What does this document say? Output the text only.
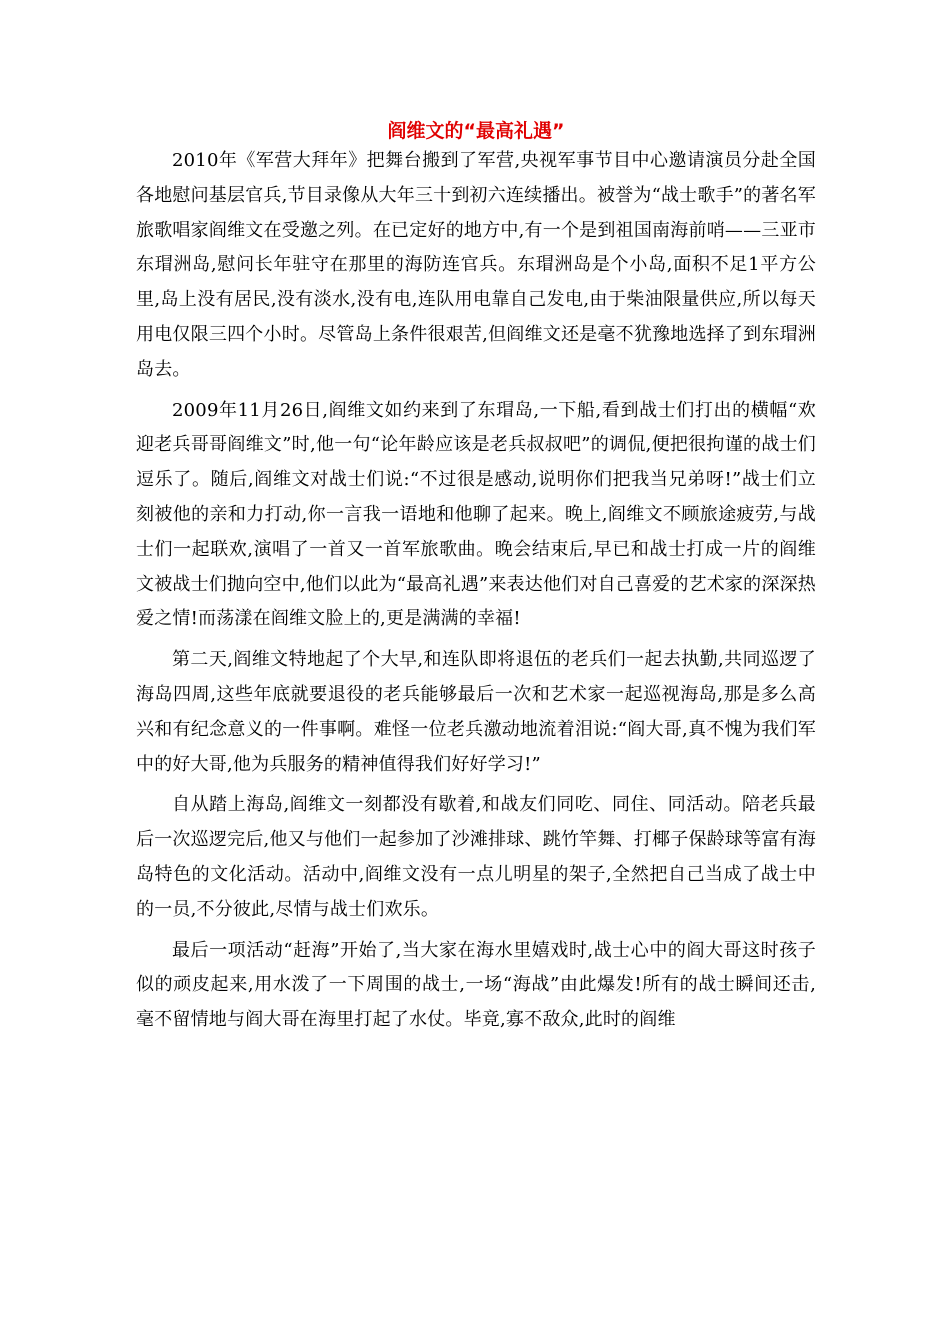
阎维文的“最高礼遇”

2010年《军营大拜年》把舞台搬到了军营,央视军事节目中心邀请演员分赴全国各地慰问基层官兵,节目录像从大年三十到初六连续播出。被誉为“战士歌手”的著名军旅歌唱家阎维文在受邀之列。在已定好的地方中,有一个是到祖国南海前哨——三亚市东瑁洲岛,慰问长年驻守在那里的海防连官兵。东瑁洲岛是个小岛,面积不足1平方公里,岛上没有居民,没有淡水,没有电,连队用电靠自己发电,由于柴油限量供应,所以每天用电仅限三四个小时。尽管岛上条件很艰苦,但阎维文还是毫不犹豫地选择了到东瑁洲岛去。

2009年11月26日,阎维文如约来到了东瑁岛,一下船,看到战士们打出的横幅“欢迎老兵哥哥阎维文”时,他一句“论年龄应该是老兵叔叔吧”的调侃,便把很拘谨的战士们逗乐了。随后,阎维文对战士们说:“不过很是感动,说明你们把我当兄弟呀!”战士们立刻被他的亲和力打动,你一言我一语地和他聊了起来。晚上,阎维文不顾旅途疲劳,与战士们一起联欢,演唱了一首又一首军旅歌曲。晚会结束后,早已和战士打成一片的阎维文被战士们抛向空中,他们以此为“最高礼遇”来表达他们对自己喜爱的艺术家的深深热爱之情!而荡漾在阎维文脸上的,更是满满的幸福!

第二天,阎维文特地起了个大早,和连队即将退伍的老兵们一起去执勤,共同巡逻了海岛四周,这些年底就要退役的老兵能够最后一次和艺术家一起巡视海岛,那是多么高兴和有纪念意义的一件事啊。难怪一位老兵激动地流着泪说:“阎大哥,真不愧为我们军中的好大哥,他为兵服务的精神值得我们好好学习!”

自从踏上海岛,阎维文一刻都没有歇着,和战友们同吃、同住、同活动。陪老兵最后一次巡逻完后,他又与他们一起参加了沙滩排球、跳竹竿舞、打椰子保龄球等富有海岛特色的文化活动。活动中,阎维文没有一点儿明星的架子,全然把自己当成了战士中的一员,不分彼此,尽情与战士们欢乐。

最后一项活动“赶海”开始了,当大家在海水里嬉戏时,战士心中的阎大哥这时孩子似的顽皮起来,用水泼了一下周围的战士,一场“海战”由此爆发!所有的战士瞬间还击,毫不留情地与阎大哥在海里打起了水仗。毕竟,寡不敌众,此时的阎维
